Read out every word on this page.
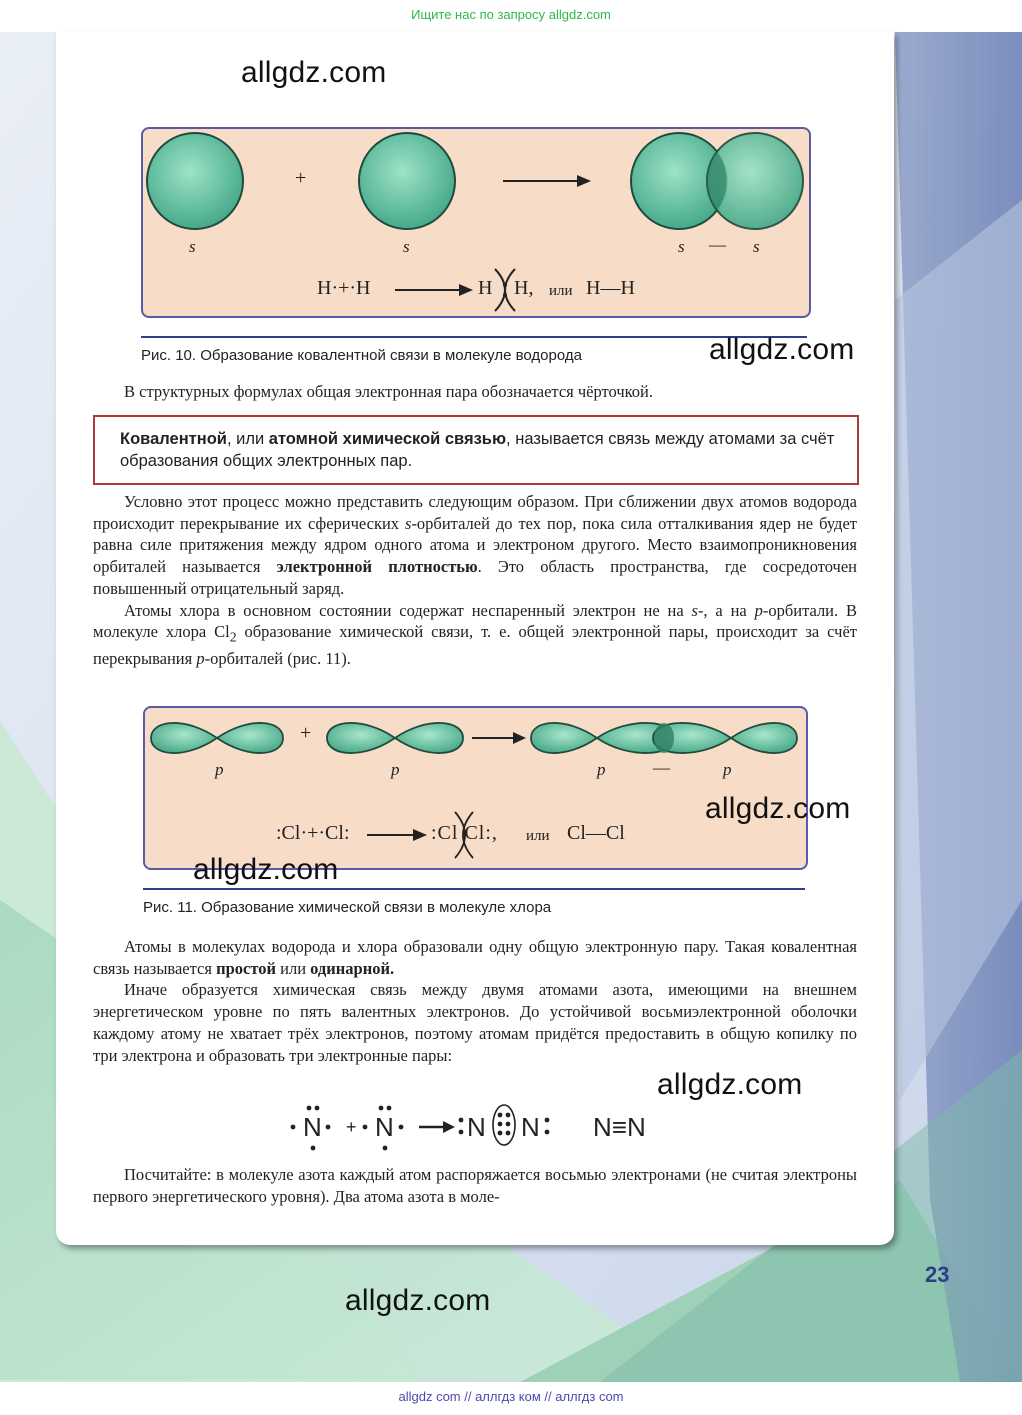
Ищите нас по запросу allgdz.com
+
s	s	s — s
H·+·H	H H, или H—H
Рис. 10. Образование ковалентной связи в молекуле водорода

В структурных формулах общая электронная пара обозначается чёрточкой.

Ковалентной, или атомной химической связью, называется связь между атомами за счёт образования общих электронных пар.

Условно этот процесс можно представить следующим образом. При сближении двух атомов водорода происходит перекрывание их сферических s-орбиталей до тех пор, пока сила отталкивания ядер не будет равна силе притяжения между ядром одного атома и электроном другого. Место взаимопроникновения орбиталей называется электронной плотностью. Это область пространства, где сосредоточен повышенный отрицательный заряд.

Атомы хлора в основном состоянии содержат неспаренный электрон не на s-, а на p-орбитали. В молекуле хлора $Cl_2$ образование химической связи, т. е. общей электронной пары, происходит за счёт перекрывания p-орбиталей (рис. 11).

+
p	p	p	—	p
:Cl·+·Cl:	:Cl Cl:, или Cl—Cl
Рис. 11. Образование химической связи в молекуле хлора

Атомы в молекулах водорода и хлора образовали одну общую электронную пару. Такая ковалентная связь называется простой или одинарной.

Иначе образуется химическая связь между двумя атомами азота, имеющими на внешнем энергетическом уровне по пять валентных электронов. До устойчивой восьмиэлектронной оболочки каждому атому не хватает трёх электронов, поэтому атомам придётся предоставить в общую копилку по три электрона и образовать три электронные пары:

N N	N N N≡N
+

Посчитайте: в молекуле азота каждый атом распоряжается восьмью электронами (не считая электроны первого энергетического уровня). Два атома азота в моле-

23
allgdz.com
allgdz.com
allgdz.com
allgdz.com
allgdz.com
allgdz.com
allgdz com // аллгдз ком // аллгдз com
